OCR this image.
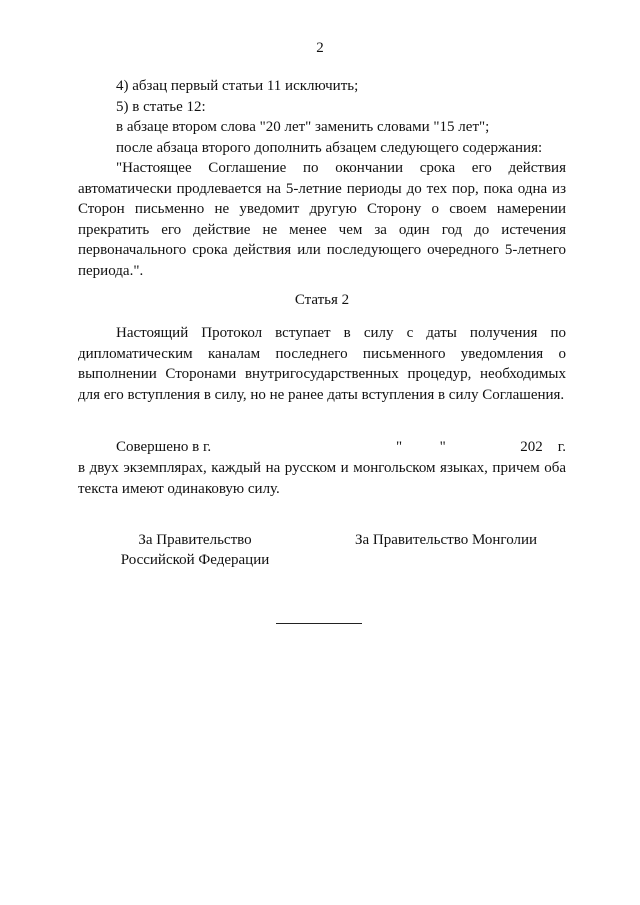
2
4) абзац первый статьи 11 исключить;
5) в статье 12:
в абзаце втором слова "20 лет" заменить словами "15 лет";
после абзаца второго дополнить абзацем следующего содержания:
"Настоящее Соглашение по окончании срока его действия автоматически продлевается на 5-летние периоды до тех пор, пока одна из Сторон письменно не уведомит другую Сторону о своем намерении прекратить его действие не менее чем за один год до истечения первоначального срока действия или последующего очередного 5-летнего периода.".
Статья 2
Настоящий Протокол вступает в силу с даты получения по дипломатическим каналам последнего письменного уведомления о выполнении Сторонами внутригосударственных процедур, необходимых для его вступления в силу, но не ранее даты вступления в силу Соглашения.
Совершено в г.	"          "	202    г.
в двух экземплярах, каждый на русском и монгольском языках, причем оба текста имеют одинаковую силу.
За Правительство
Российской Федерации
За Правительство Монголии
